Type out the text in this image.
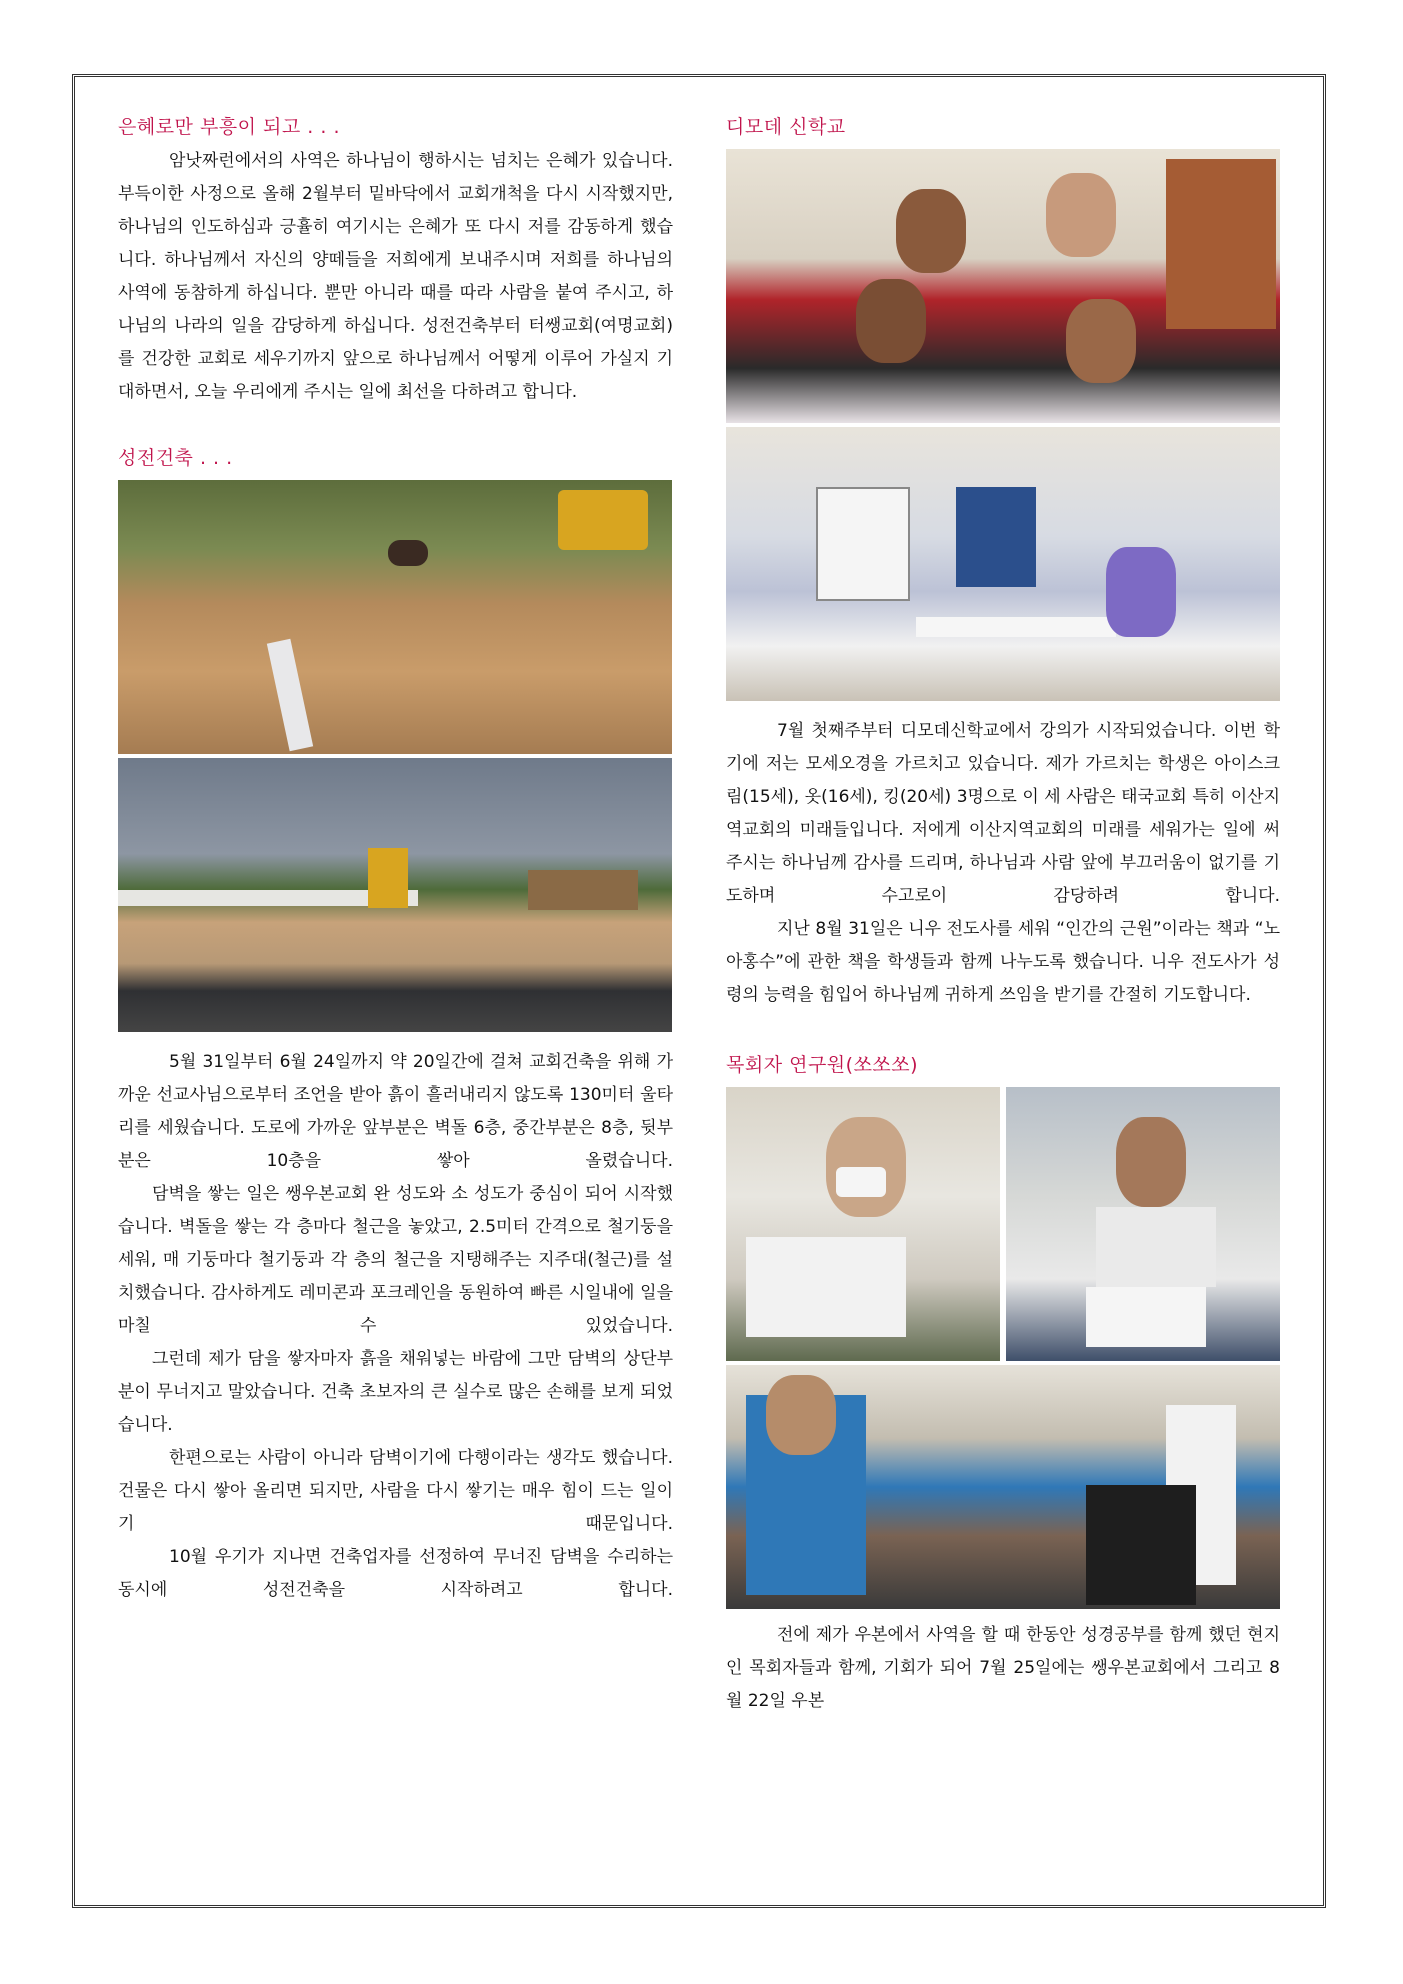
은혜로만 부흥이 되고 . . .

암낫짜런에서의 사역은 하나님이 행하시는 넘치는 은혜가 있습니다. 부득이한 사정으로 올해 2월부터 밑바닥에서 교회개척을 다시 시작했지만, 하나님의 인도하심과 긍휼히 여기시는 은혜가 또 다시 저를 감동하게 했습니다. 하나님께서 자신의 양떼들을 저희에게 보내주시며 저희를 하나님의 사역에 동참하게 하십니다. 뿐만 아니라 때를 따라 사람을 붙여 주시고, 하나님의 나라의 일을 감당하게 하십니다. 성전건축부터 터쌩교회(여명교회)를 건강한 교회로 세우기까지 앞으로 하나님께서 어떻게 이루어 가실지 기대하면서, 오늘 우리에게 주시는 일에 최선을 다하려고 합니다.

성전건축 . . .

5월 31일부터 6월 24일까지 약 20일간에 걸쳐 교회건축을 위해 가까운 선교사님으로부터 조언을 받아 흙이 흘러내리지 않도록 130미터 울타리를 세웠습니다. 도로에 가까운 앞부분은 벽돌 6층, 중간부분은 8층, 뒷부분은 10층을 쌓아 올렸습니다.

담벽을 쌓는 일은 쌩우본교회 완 성도와 소 성도가 중심이 되어 시작했습니다. 벽돌을 쌓는 각 층마다 철근을 놓았고, 2.5미터 간격으로 철기둥을 세워, 매 기둥마다 철기둥과 각 층의 철근을 지탱해주는 지주대(철근)를 설치했습니다. 감사하게도 레미콘과 포크레인을 동원하여 빠른 시일내에 일을 마칠 수 있었습니다.

그런데 제가 담을 쌓자마자 흙을 채워넣는 바람에 그만 담벽의 상단부분이 무너지고 말았습니다. 건축 초보자의 큰 실수로 많은 손해를 보게 되었습니다.

한편으로는 사람이 아니라 담벽이기에 다행이라는 생각도 했습니다. 건물은 다시 쌓아 올리면 되지만, 사람을 다시 쌓기는 매우 힘이 드는 일이기 때문입니다.

10월 우기가 지나면 건축업자를 선정하여 무너진 담벽을 수리하는 동시에 성전건축을 시작하려고 합니다.

디모데 신학교

7월 첫째주부터 디모데신학교에서 강의가 시작되었습니다. 이번 학기에 저는 모세오경을 가르치고 있습니다. 제가 가르치는 학생은 아이스크림(15세), 옷(16세), 킹(20세) 3명으로 이 세 사람은 태국교회 특히 이산지역교회의 미래들입니다. 저에게 이산지역교회의 미래를 세워가는 일에 써 주시는 하나님께 감사를 드리며, 하나님과 사람 앞에 부끄러움이 없기를 기도하며 수고로이 감당하려 합니다.

지난 8월 31일은 니우 전도사를 세워 “인간의 근원”이라는 책과 “노아홍수”에 관한 책을 학생들과 함께 나누도록 했습니다. 니우 전도사가 성령의 능력을 힘입어 하나님께 귀하게 쓰임을 받기를 간절히 기도합니다.

목회자 연구원(쏘쏘쏘)

전에 제가 우본에서 사역을 할 때 한동안 성경공부를 함께 했던 현지인 목회자들과 함께, 기회가 되어 7월 25일에는 쌩우본교회에서 그리고 8월 22일 우본
